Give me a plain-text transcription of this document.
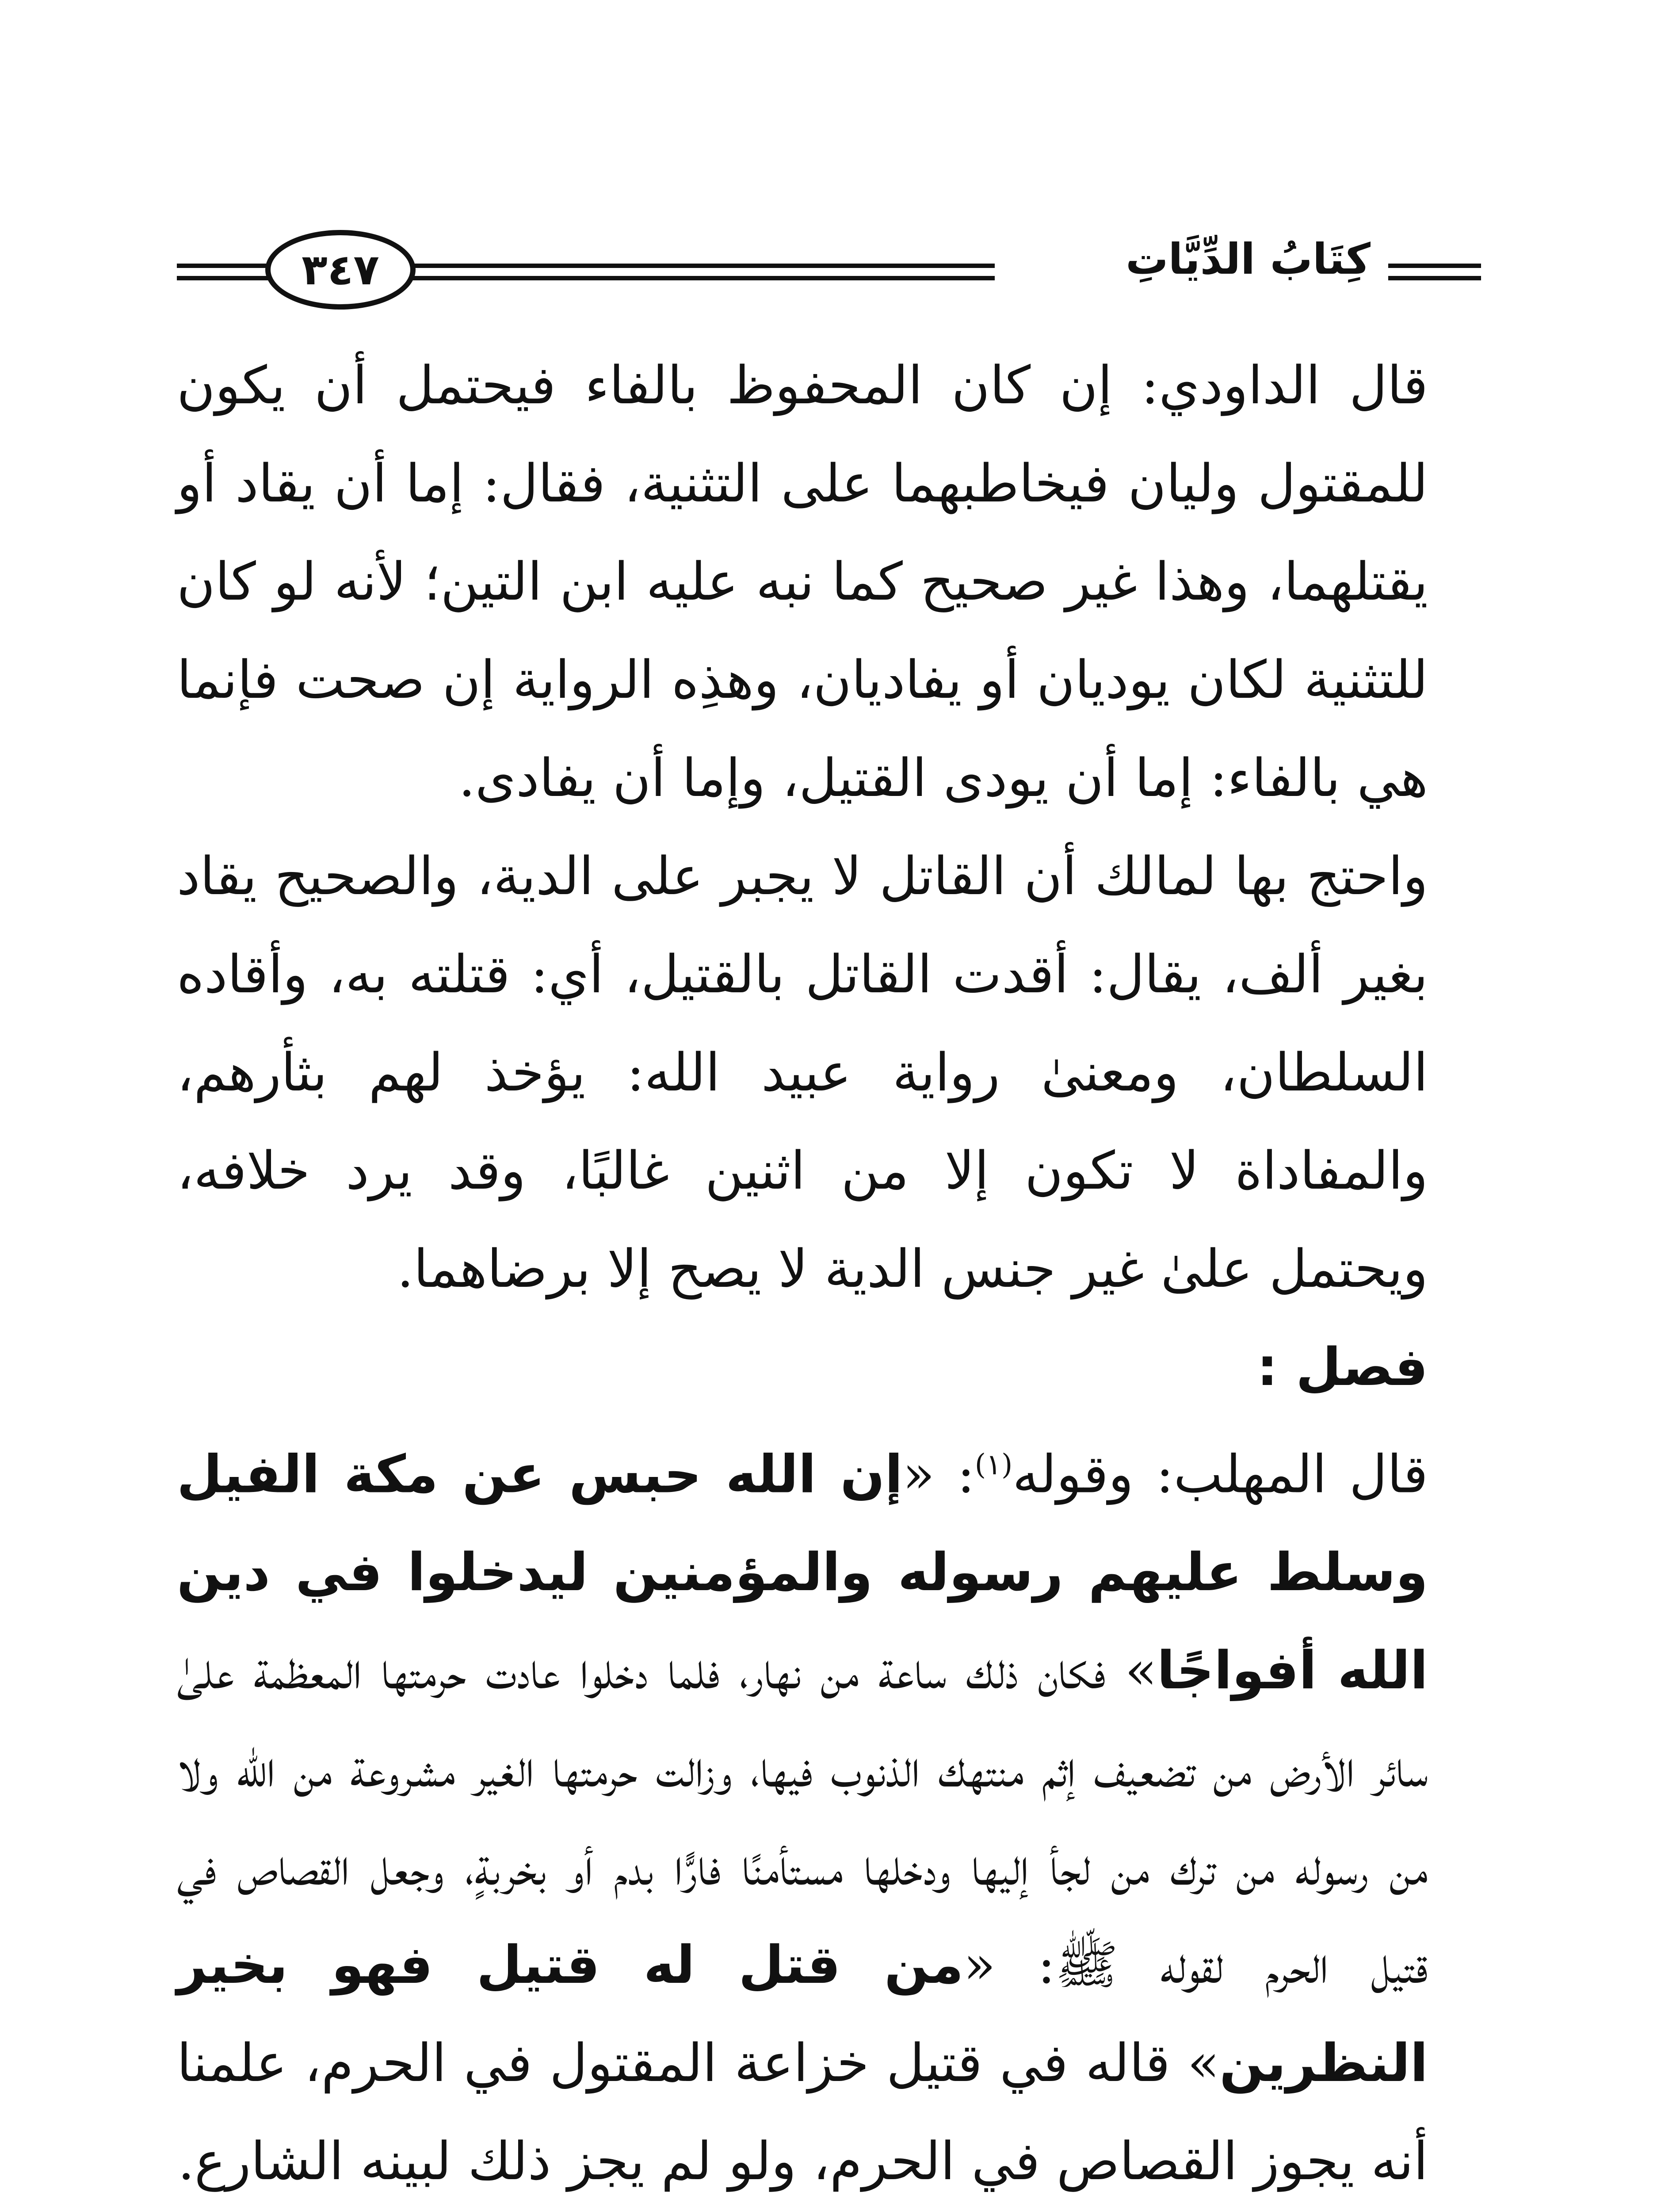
٣٤٧	كِتَابُ الدِّيَّاتِ

قال الداودي: إن كان المحفوظ بالفاء فيحتمل أن يكون للمقتول وليان فيخاطبهما على التثنية، فقال: إما أن يقاد أو يقتلهما، وهذا غير صحيح كما نبه عليه ابن التين؛ لأنه لو كان للتثنية لكان يوديان أو يفاديان، وهذِه الرواية إن صحت فإنما هي بالفاء: إما أن يودى القتيل، وإما أن يفادى.

واحتج بها لمالك أن القاتل لا يجبر على الدية، والصحيح يقاد بغير ألف، يقال: أقدت القاتل بالقتيل، أي: قتلته به، وأقاده السلطان، ومعنىٰ رواية عبيد الله: يؤخذ لهم بثأرهم، والمفاداة لا تكون إلا من اثنين غالبًا، وقد يرد خلافه، ويحتمل علىٰ غير جنس الدية لا يصح إلا برضاهما.

فصل :

قال المهلب: وقوله$^{(١)}$: «إن الله حبس عن مكة الفيل وسلط عليهم رسوله والمؤمنين ليدخلوا في دين الله أفواجًا» فكان ذلك ساعة من نهار، فلما دخلوا عادت حرمتها المعظمة علىٰ سائر الأرض من تضعيف إثم منتهك الذنوب فيها، وزالت حرمتها الغير مشروعة من الله ولا من رسوله من ترك من لجأ إليها ودخلها مستأمنًا فارًّا بدم أو بخربةٍ، وجعل القصاص في قتيل الحرم لقوله ﷺ: «من قتل له قتيل فهو بخير النظرين» قاله في قتيل خزاعة المقتول في الحرم، علمنا أنه يجوز القصاص في الحرم، ولو لم يجز ذلك لبينه الشارع.
